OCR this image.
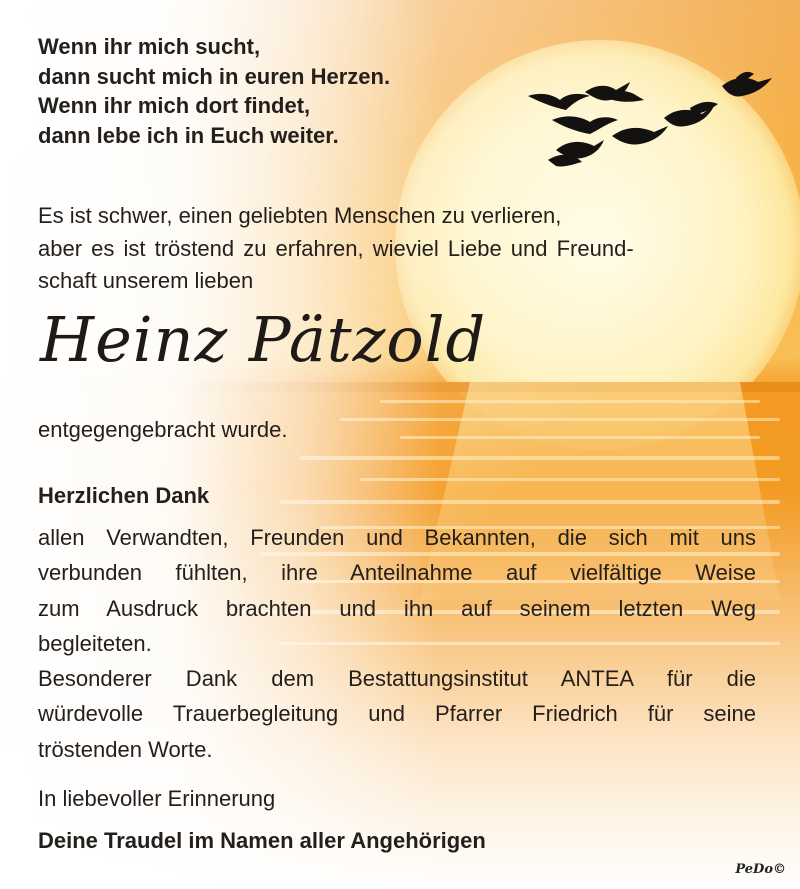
Wenn ihr mich sucht,
dann sucht mich in euren Herzen.
Wenn ihr mich dort findet,
dann lebe ich in Euch weiter.
Es ist schwer, einen geliebten Menschen zu verlieren,
aber es ist tröstend zu erfahren, wieviel Liebe und Freund-
schaft unserem lieben
Heinz Pätzold
entgegengebracht wurde.
Herzlichen Dank
allen Verwandten, Freunden und Bekannten, die sich mit uns
verbunden fühlten, ihre Anteilnahme auf vielfältige Weise
zum Ausdruck brachten und ihn auf seinem letzten Weg
begleiteten.
Besonderer Dank dem Bestattungsinstitut ANTEA für die
würdevolle Trauerbegleitung und Pfarrer Friedrich für seine
tröstenden Worte.
In liebevoller Erinnerung
Deine Traudel im Namen aller Angehörigen
PeDo©
